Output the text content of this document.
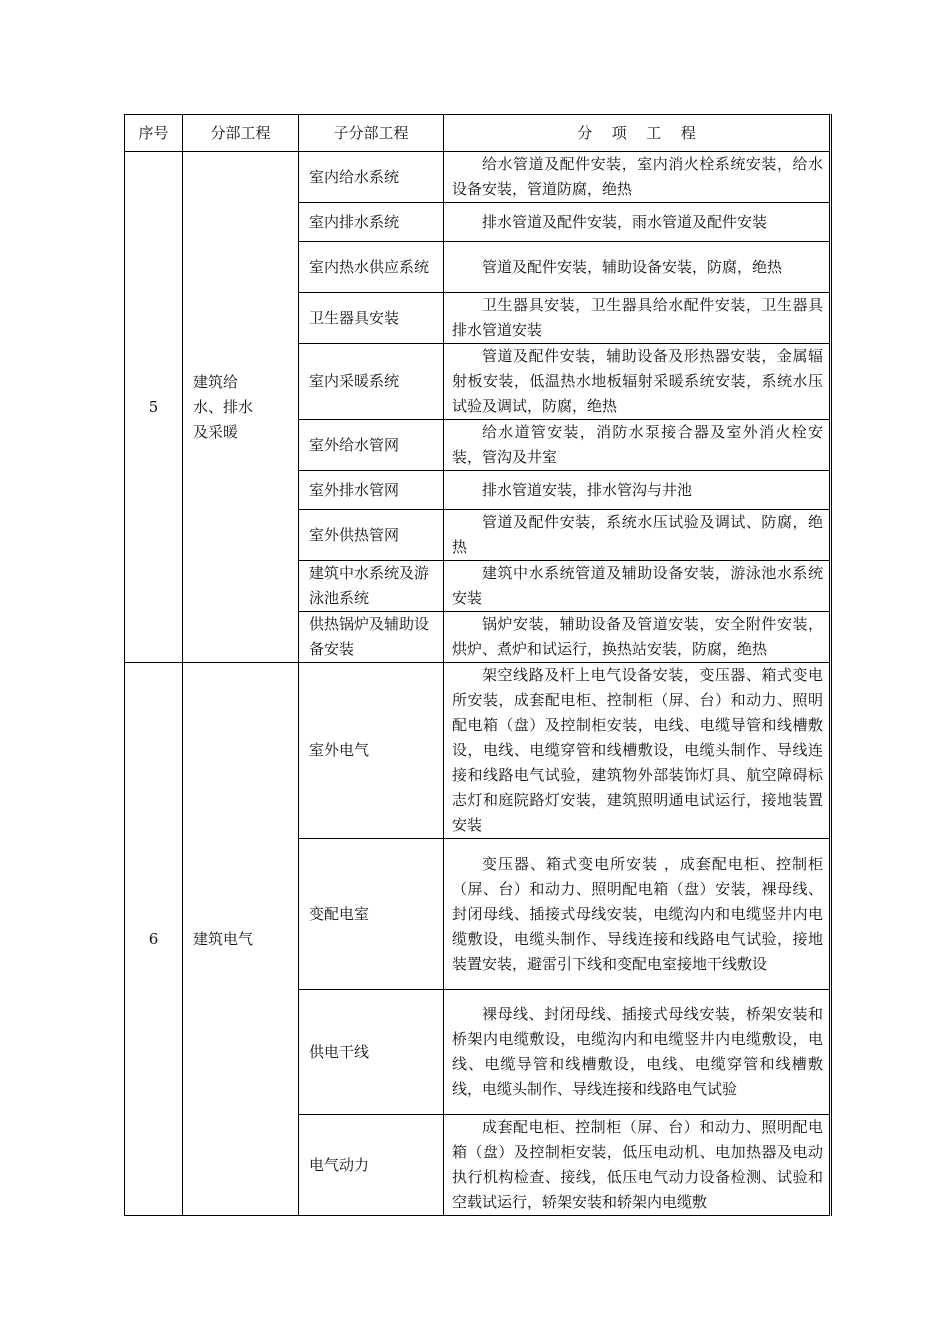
序号	分部工程	子分部工程	分项工程
5	建筑给水、排水及采暖	室内给水系统	给水管道及配件安装，室内消火栓系统安装，给水设备安装，管道防腐，绝热
		室内排水系统	排水管道及配件安装，雨水管道及配件安装
		室内热水供应系统	管道及配件安装，辅助设备安装，防腐，绝热
		卫生器具安装	卫生器具安装，卫生器具给水配件安装，卫生器具排水管道安装
		室内采暖系统	管道及配件安装，辅助设备及形热器安装，金属辐射板安装，低温热水地板辐射采暖系统安装，系统水压试验及调试，防腐，绝热
		室外给水管网	给水道管安装，消防水泵接合器及室外消火栓安装，管沟及井室
		室外排水管网	排水管道安装，排水管沟与井池
		室外供热管网	管道及配件安装，系统水压试验及调试、防腐，绝热
		建筑中水系统及游泳池系统	建筑中水系统管道及辅助设备安装，游泳池水系统安装
		供热锅炉及辅助设备安装	锅炉安装，辅助设备及管道安装，安全附件安装，烘炉、煮炉和试运行，换热站安装，防腐，绝热
6	建筑电气	室外电气	架空线路及杆上电气设备安装，变压器、箱式变电所安装，成套配电柜、控制柜（屏、台）和动力、照明配电箱（盘）及控制柜安装，电线、电缆导管和线槽敷设，电线、电缆穿管和线槽敷设，电缆头制作、导线连接和线路电气试验，建筑物外部装饰灯具、航空障碍标志灯和庭院路灯安装，建筑照明通电试运行，接地装置安装
		变配电室	变压器、箱式变电所安装 ，成套配电柜、控制柜（屏、台）和动力、照明配电箱（盘）安装，裸母线、封闭母线、插接式母线安装，电缆沟内和电缆竖井内电缆敷设，电缆头制作、导线连接和线路电气试验，接地装置安装，避雷引下线和变配电室接地干线敷设
		供电干线	裸母线、封闭母线、插接式母线安装，桥架安装和桥架内电缆敷设，电缆沟内和电缆竖井内电缆敷设，电线、电缆导管和线槽敷设，电线、电缆穿管和线槽敷线，电缆头制作、导线连接和线路电气试验
		电气动力	成套配电柜、控制柜（屏、台）和动力、照明配电箱（盘）及控制柜安装，低压电动机、电加热器及电动执行机构检查、接线，低压电气动力设备检测、试验和空载试运行，轿架安装和轿架内电缆敷
